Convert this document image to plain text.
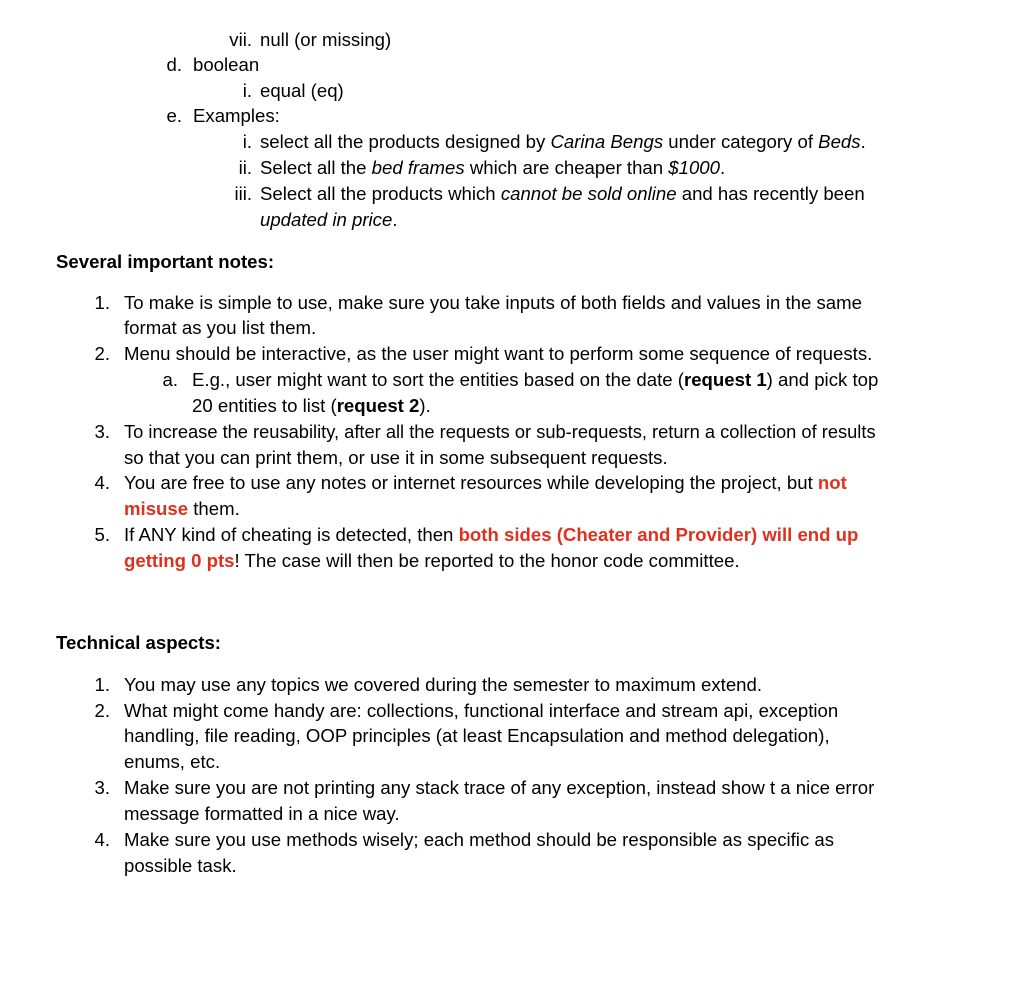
vii. null (or missing)
d. boolean
i. equal (eq)
e. Examples:
i. select all the products designed by Carina Bengs under category of Beds.
ii. Select all the bed frames which are cheaper than $1000.
iii. Select all the products which cannot be sold online and has recently been
updated in price.
Several important notes:
1. To make is simple to use, make sure you take inputs of both fields and values in the same
format as you list them.
2. Menu should be interactive, as the user might want to perform some sequence of requests.
a. E.g., user might want to sort the entities based on the date (request 1) and pick top
20 entities to list (request 2).
3. To increase the reusability, after all the requests or sub-requests, return a collection of results
so that you can print them, or use it in some subsequent requests.
4. You are free to use any notes or internet resources while developing the project, but not
misuse them.
5. If ANY kind of cheating is detected, then both sides (Cheater and Provider) will end up
getting 0 pts! The case will then be reported to the honor code committee.
Technical aspects:
1. You may use any topics we covered during the semester to maximum extend.
2. What might come handy are: collections, functional interface and stream api, exception
handling, file reading, OOP principles (at least Encapsulation and method delegation),
enums, etc.
3. Make sure you are not printing any stack trace of any exception, instead show t a nice error
message formatted in a nice way.
4. Make sure you use methods wisely; each method should be responsible as specific as
possible task.
